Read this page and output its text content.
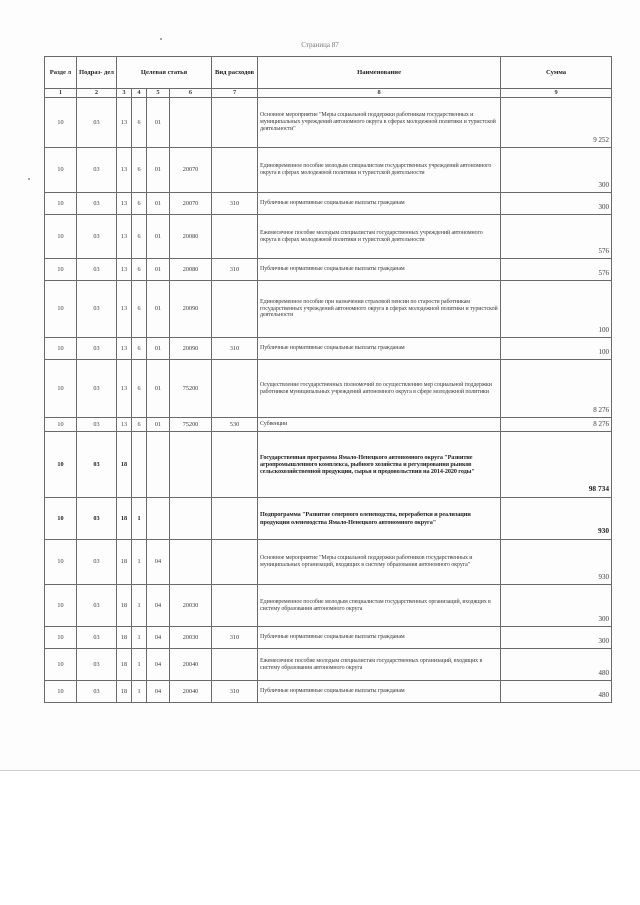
Страница 87
Разде л	Подраз- дел	Целевая статья				Вид расходов	Наименование	Сумма
1	2	3	4	5	6	7	8	9
10	03	13	6	01			Основное мероприятие "Меры социальной поддержки работникам государственных и муниципальных учреждений автономного округа в сферах молодежной политики и туристской деятельности"	9 252
10	03	13	6	01	20070		Единовременное пособие молодым специалистам государственных учреждений автономного округа в сферах молодежной политики и туристской деятельности	300
10	03	13	6	01	20070	310	Публичные нормативные социальные выплаты гражданам	300
10	03	13	6	01	20080		Ежемесячное пособие молодым специалистам государственных учреждений автономного округа в сферах молодежной политики и туристской деятельности	576
10	03	13	6	01	20080	310	Публичные нормативные социальные выплаты гражданам	576
10	03	13	6	01	20090		Единовременное пособие при назначении страховой пенсии по старости работникам государственных учреждений автономного округа в сферах молодежной политики и туристской деятельности	100
10	03	13	6	01	20090	310	Публичные нормативные социальные выплаты гражданам	100
10	03	13	6	01	75200		Осуществление государственных полномочий по осуществлению мер социальной поддержки работников муниципальных учреждений автономного округа в сфере молодежной политики	8 276
10	03	13	6	01	75200	530	Субвенции	8 276
10	03	18					Государственная программа Ямало-Ненецкого автономного округа "Развитие агропромышленного комплекса, рыбного хозяйства и регулирования рынков сельскохозяйственной продукции, сырья и продовольствия на 2014-2020 годы"	98 734
10	03	18	1				Подпрограмма "Развитие северного оленеводства, переработки и реализации продукции оленеводства Ямало-Ненецкого автономного округа"	930
10	03	18	1	04			Основное мероприятие "Меры социальной поддержки работников государственных и муниципальных организаций, входящих в систему образования автономного округа"	930
10	03	18	1	04	20030		Единовременное пособие молодым специалистам государственных организаций, входящих в систему образования автономного округа	300
10	03	18	1	04	20030	310	Публичные нормативные социальные выплаты гражданам	300
10	03	18	1	04	20040		Ежемесячное пособие молодым специалистам государственных организаций, входящих в систему образования автономного округа	480
10	03	18	1	04	20040	310	Публичные нормативные социальные выплаты гражданам	480
